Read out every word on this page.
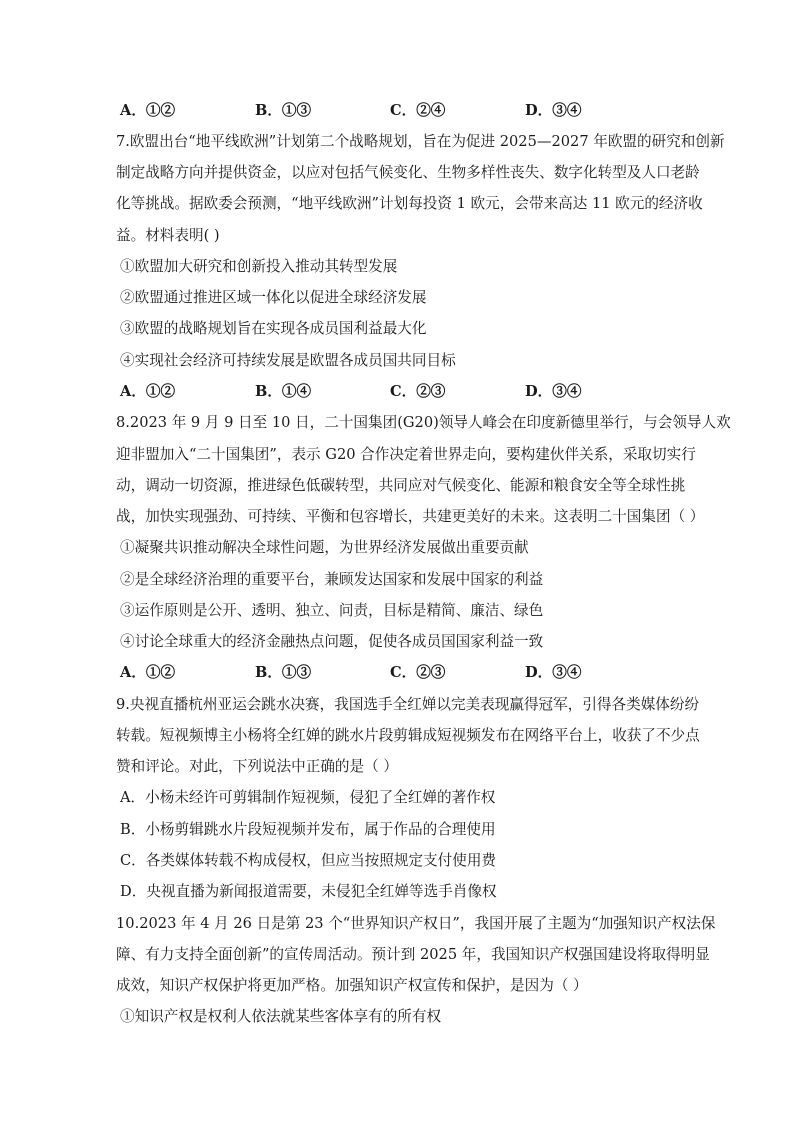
A．①②	B．①③	C．②④	D．③④
7.欧盟出台“地平线欧洲”计划第二个战略规划，旨在为促进 2025—2027 年欧盟的研究和创新
制定战略方向并提供资金，以应对包括气候变化、生物多样性丧失、数字化转型及人口老龄
化等挑战。据欧委会预测，“地平线欧洲”计划每投资 1 欧元，会带来高达 11 欧元的经济收
益。材料表明( )
①欧盟加大研究和创新投入推动其转型发展
②欧盟通过推进区域一体化以促进全球经济发展
③欧盟的战略规划旨在实现各成员国利益最大化
④实现社会经济可持续发展是欧盟各成员国共同目标
A．①②	B．①④	C．②③	D．③④
8.2023 年 9 月 9 日至 10 日，二十国集团(G20)领导人峰会在印度新德里举行，与会领导人欢
迎非盟加入“二十国集团”，表示 G20 合作决定着世界走向，要构建伙伴关系，采取切实行
动，调动一切资源，推进绿色低碳转型，共同应对气候变化、能源和粮食安全等全球性挑
战，加快实现强劲、可持续、平衡和包容增长，共建更美好的未来。这表明二十国集团（ ）
①凝聚共识推动解决全球性问题，为世界经济发展做出重要贡献
②是全球经济治理的重要平台，兼顾发达国家和发展中国家的利益
③运作原则是公开、透明、独立、问责，目标是精简、廉洁、绿色
④讨论全球重大的经济金融热点问题，促使各成员国国家利益一致
A．①②	B．①③	C．②③	D．③④
9.央视直播杭州亚运会跳水决赛，我国选手全红婵以完美表现赢得冠军，引得各类媒体纷纷
转载。短视频博主小杨将全红婵的跳水片段剪辑成短视频发布在网络平台上，收获了不少点
赞和评论。对此，下列说法中正确的是（ ）
A．小杨未经许可剪辑制作短视频，侵犯了全红婵的著作权
B．小杨剪辑跳水片段短视频并发布，属于作品的合理使用
C．各类媒体转载不构成侵权，但应当按照规定支付使用费
D．央视直播为新闻报道需要，未侵犯全红婵等选手肖像权
10.2023 年 4 月 26 日是第 23 个“世界知识产权日”，我国开展了主题为“加强知识产权法保
障、有力支持全面创新”的宣传周活动。预计到 2025 年，我国知识产权强国建设将取得明显
成效，知识产权保护将更加严格。加强知识产权宣传和保护，是因为（ ）
①知识产权是权利人依法就某些客体享有的所有权
